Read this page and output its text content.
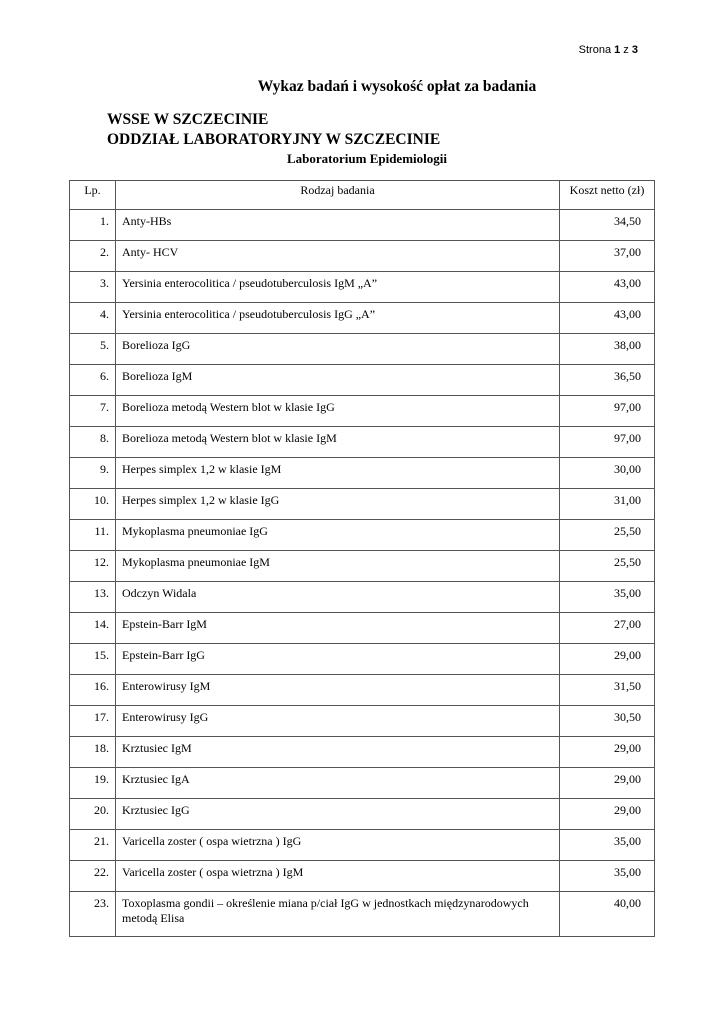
Strona 1 z 3
Wykaz badań i wysokość opłat za badania
WSSE W SZCZECINIE
ODDZIAŁ LABORATORYJNY W SZCZECINIE
Laboratorium Epidemiologii
Lp.	Rodzaj badania	Koszt netto (zł)
1.	Anty-HBs	34,50
2.	Anty- HCV	37,00
3.	Yersinia enterocolitica / pseudotuberculosis IgM „A”	43,00
4.	Yersinia enterocolitica / pseudotuberculosis IgG „A”	43,00
5.	Borelioza IgG	38,00
6.	Borelioza IgM	36,50
7.	Borelioza metodą Western blot w klasie IgG	97,00
8.	Borelioza metodą Western blot w klasie IgM	97,00
9.	Herpes simplex 1,2 w klasie IgM	30,00
10.	Herpes simplex 1,2 w klasie IgG	31,00
11.	Mykoplasma pneumoniae IgG	25,50
12.	Mykoplasma pneumoniae IgM	25,50
13.	Odczyn Widala	35,00
14.	Epstein-Barr IgM	27,00
15.	Epstein-Barr IgG	29,00
16.	Enterowirusy IgM	31,50
17.	Enterowirusy IgG	30,50
18.	Krztusiec IgM	29,00
19.	Krztusiec IgA	29,00
20.	Krztusiec IgG	29,00
21.	Varicella zoster ( ospa wietrzna ) IgG	35,00
22.	Varicella zoster ( ospa wietrzna ) IgM	35,00
23.	Toxoplasma gondii – określenie miana p/ciał IgG w jednostkach międzynarodowych metodą Elisa	40,00
